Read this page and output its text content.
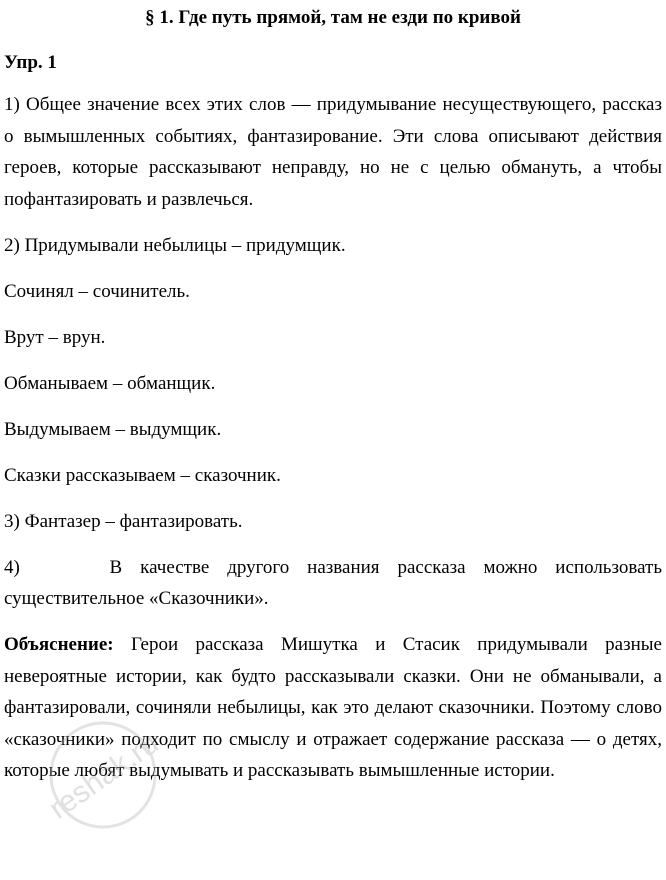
§ 1. Где путь прямой, там не езди по кривой
Упр. 1

1) Общее значение всех этих слов — придумывание несуществующего, рассказ о вымышленных событиях, фантазирование. Эти слова описывают действия героев, которые рассказывают неправду, но не с целью обмануть, а чтобы пофантазировать и развлечься.

2) Придумывали небылицы – придумщик.

Сочинял – сочинитель.

Врут – врун.

Обманываем – обманщик.

Выдумываем – выдумщик.

Сказки рассказываем – сказочник.

3) Фантазер – фантазировать.

4)     В качестве другого названия рассказа можно использовать

существительное «Сказочники».

Объяснение: Герои рассказа Мишутка и Стасик придумывали разные невероятные истории, как будто рассказывали сказки. Они не обманывали, а фантазировали, сочиняли небылицы, как это делают сказочники. Поэтому слово «сказочники» подходит по смыслу и отражает содержание рассказа — о детях, которые любят выдумывать и рассказывать вымышленные истории.

reshak.ru
